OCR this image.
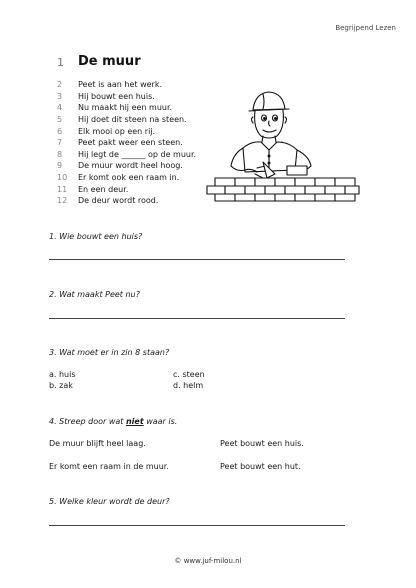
Begrijpend Lezen
1 De muur
2	Peet is aan het werk.
3	Hij bouwt een huis.
4	Nu maakt hij een muur.
5	Hij doet dit steen na steen.
6	Elk mooi op een rij.
7	Peet pakt weer een steen.
8	Hij legt de ______ op de muur.
9	De muur wordt heel hoog.
10	Er komt ook een raam in.
11	En een deur.
12	De deur wordt rood.
1. Wie bouwt een huis?
2. Wat maakt Peet nu?
3. Wat moet er in zin 8 staan?
a. huis	c. steen
b. zak	d. helm
4. Streep door wat niet waar is.
De muur blijft heel laag.	Peet bouwt een huis.
Er komt een raam in de muur.	Peet bouwt een hut.
5. Welke kleur wordt de deur?
© www.juf-milou.nl
